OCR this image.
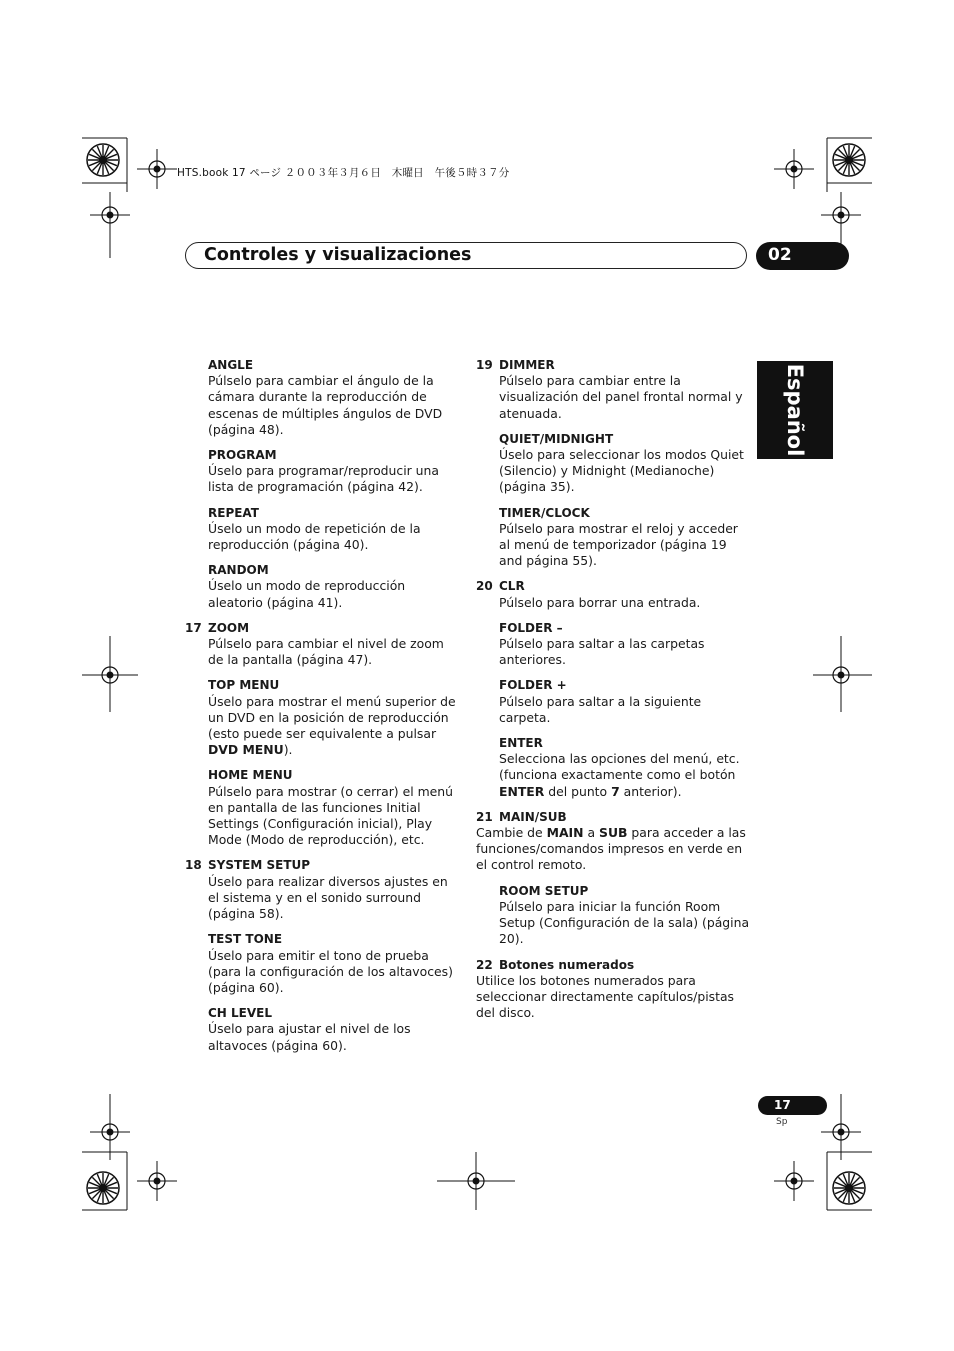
HTS.book 17 ページ ２００３年３月６日　木曜日　午後５時３７分
Controles y visualizaciones	02
Español
ANGLE
Púlselo para cambiar el ángulo de la cámara durante la reproducción de escenas de múltiples ángulos de DVD (página 48).
PROGRAM
Úselo para programar/reproducir una lista de programación (página 42).
REPEAT
Úselo un modo de repetición de la reproducción (página 40).
RANDOM
Úselo un modo de reproducción aleatorio (página 41).
17 ZOOM
Púlselo para cambiar el nivel de zoom de la pantalla (página 47).
TOP MENU
Úselo para mostrar el menú superior de un DVD en la posición de reproducción (esto puede ser equivalente a pulsar DVD MENU).
HOME MENU
Púlselo para mostrar (o cerrar) el menú en pantalla de las funciones Initial Settings (Configuración inicial), Play Mode (Modo de reproducción), etc.
18 SYSTEM SETUP
Úselo para realizar diversos ajustes en el sistema y en el sonido surround (página 58).
TEST TONE
Úselo para emitir el tono de prueba (para la configuración de los altavoces) (página 60).
CH LEVEL
Úselo para ajustar el nivel de los altavoces (página 60).
19 DIMMER
Púlselo para cambiar entre la visualización del panel frontal normal y atenuada.
QUIET/MIDNIGHT
Úselo para seleccionar los modos Quiet (Silencio) y Midnight (Medianoche) (página 35).
TIMER/CLOCK
Púlselo para mostrar el reloj y acceder al menú de temporizador (página 19 and página 55).
20 CLR
Púlselo para borrar una entrada.
FOLDER –
Púlselo para saltar a las carpetas anteriores.
FOLDER +
Púlselo para saltar a la siguiente carpeta.
ENTER
Selecciona las opciones del menú, etc. (funciona exactamente como el botón ENTER del punto 7 anterior).
21 MAIN/SUB
Cambie de MAIN a SUB para acceder a las funciones/comandos impresos en verde en el control remoto.
ROOM SETUP
Púlselo para iniciar la función Room Setup (Configuración de la sala) (página 20).
22 Botones numerados
Utilice los botones numerados para seleccionar directamente capítulos/pistas del disco.
17
Sp
